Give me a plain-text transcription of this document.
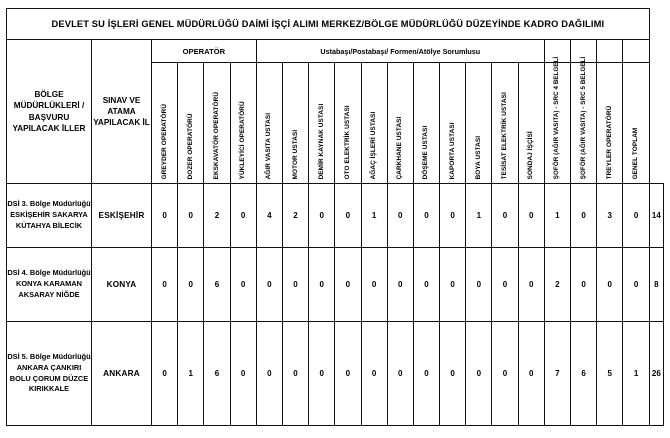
DEVLET SU İŞLERİ GENEL MÜDÜRLÜĞÜ DAİMİ İŞÇİ ALIMI MERKEZ/BÖLGE MÜDÜRLÜĞÜ DÜZEYİNDE KADRO DAĞILIMI																					
BÖLGE MÜDÜRLÜKLERİ / BAŞVURU YAPILACAK İLLER	SINAV VE ATAMA YAPILACAK İL	OPERATÖR				Ustabaşı/Postabaşı/ Formen/Atölye Sorumlusu															

		GREYDER OPERATÖRÜ	DOZER OPERATÖRÜ	EKSKAVATÖR OPERATÖRÜ	YÜKLEYİCİ OPERATÖRÜ	AĞIR VASITA USTASI	MOTOR USTASI	DEMİR KAYNAK USTASI	OTO ELEKTRİK USTASI	AĞAÇ İŞLERİ USTASI	ÇARKHANE USTASI	DÖŞEME USTASI	KAPORTA USTASI	BOYA USTASI	TESİSAT ELEKTRİK USTASI	SONDAJ İŞÇİSİ	ŞOFÖR (AĞIR VASITA) - SRC 4 BELGELİ	ŞOFÖR (AĞIR VASITA) - SRC 5 BELGELİ	TREYLER OPERATÖRÜ	GENEL TOPLAM	

DSİ 3. Bölge Müdürlüğü ESKİŞEHİR SAKARYA KÜTAHYA BİLECİK	ESKİŞEHİR	0	0	2	0	4	2	0	0	1	0	0	0	1	0	0	1	0	3	0	14
DSİ 4. Bölge Müdürlüğü KONYA KARAMAN AKSARAY NİĞDE	KONYA	0	0	6	0	0	0	0	0	0	0	0	0	0	0	0	2	0	0	0	8
DSİ 5. Bölge Müdürlüğü ANKARA ÇANKIRI BOLU ÇORUM DÜZCE KIRIKKALE	ANKARA	0	1	6	0	0	0	0	0	0	0	0	0	0	0	0	7	6	5	1	26
